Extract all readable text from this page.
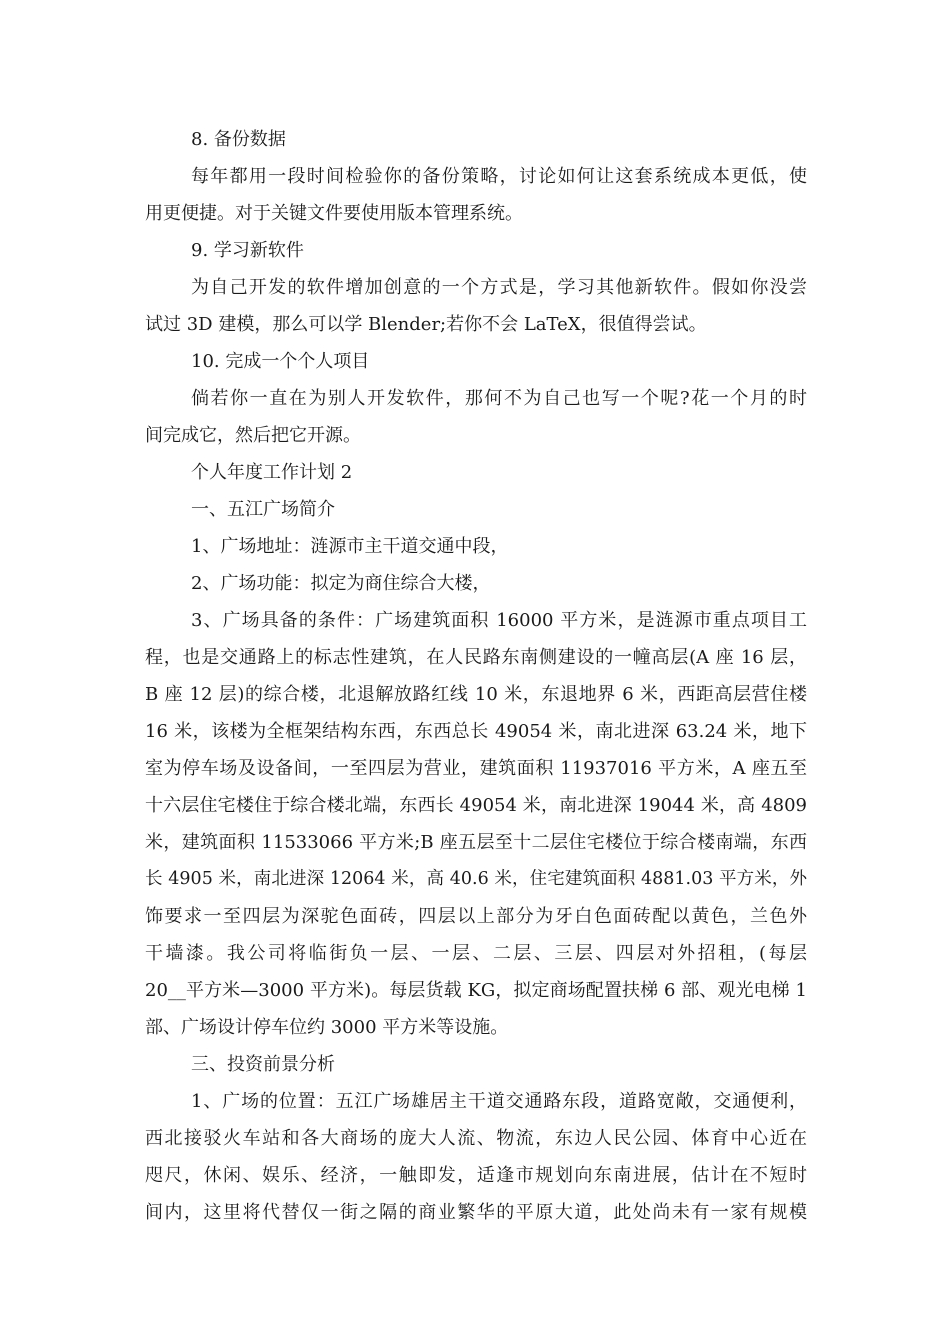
8. 备份数据
每年都用一段时间检验你的备份策略，讨论如何让这套系统成本更低，使
用更便捷。对于关键文件要使用版本管理系统。
9. 学习新软件
为自己开发的软件增加创意的一个方式是，学习其他新软件。假如你没尝
试过 3D 建模，那么可以学 Blender;若你不会 LaTeX，很值得尝试。
10. 完成一个个人项目
倘若你一直在为别人开发软件，那何不为自己也写一个呢?花一个月的时
间完成它，然后把它开源。
个人年度工作计划 2
一、五江广场简介
1、广场地址：涟源市主干道交通中段，
2、广场功能：拟定为商住综合大楼，
3、广场具备的条件：广场建筑面积 16000 平方米，是涟源市重点项目工
程，也是交通路上的标志性建筑，在人民路东南侧建设的一幢高层(A 座 16 层，
B 座 12 层)的综合楼，北退解放路红线 10 米，东退地界 6 米，西距高层营住楼
16 米，该楼为全框架结构东西，东西总长 49054 米，南北进深 63.24 米，地下
室为停车场及设备间，一至四层为营业，建筑面积 11937016 平方米，A 座五至
十六层住宅楼住于综合楼北端，东西长 49054 米，南北进深 19044 米，高 4809
米，建筑面积 11533066 平方米;B 座五层至十二层住宅楼位于综合楼南端，东西
长 4905 米，南北进深 12064 米，高 40.6 米，住宅建筑面积 4881.03 平方米，外
饰要求一至四层为深驼色面砖，四层以上部分为牙白色面砖配以黄色，兰色外
干墙漆。我公司将临街负一层、一层、二层、三层、四层对外招租，(每层
20__平方米—3000 平方米)。每层货载 KG，拟定商场配置扶梯 6 部、观光电梯 1
部、广场设计停车位约 3000 平方米等设施。
三、投资前景分析
1、广场的位置：五江广场雄居主干道交通路东段，道路宽敞，交通便利，
西北接驳火车站和各大商场的庞大人流、物流，东边人民公园、体育中心近在
咫尺，休闲、娱乐、经济，一触即发，适逢市规划向东南进展，估计在不短时
间内，这里将代替仅一街之隔的商业繁华的平原大道，此处尚未有一家有规模
